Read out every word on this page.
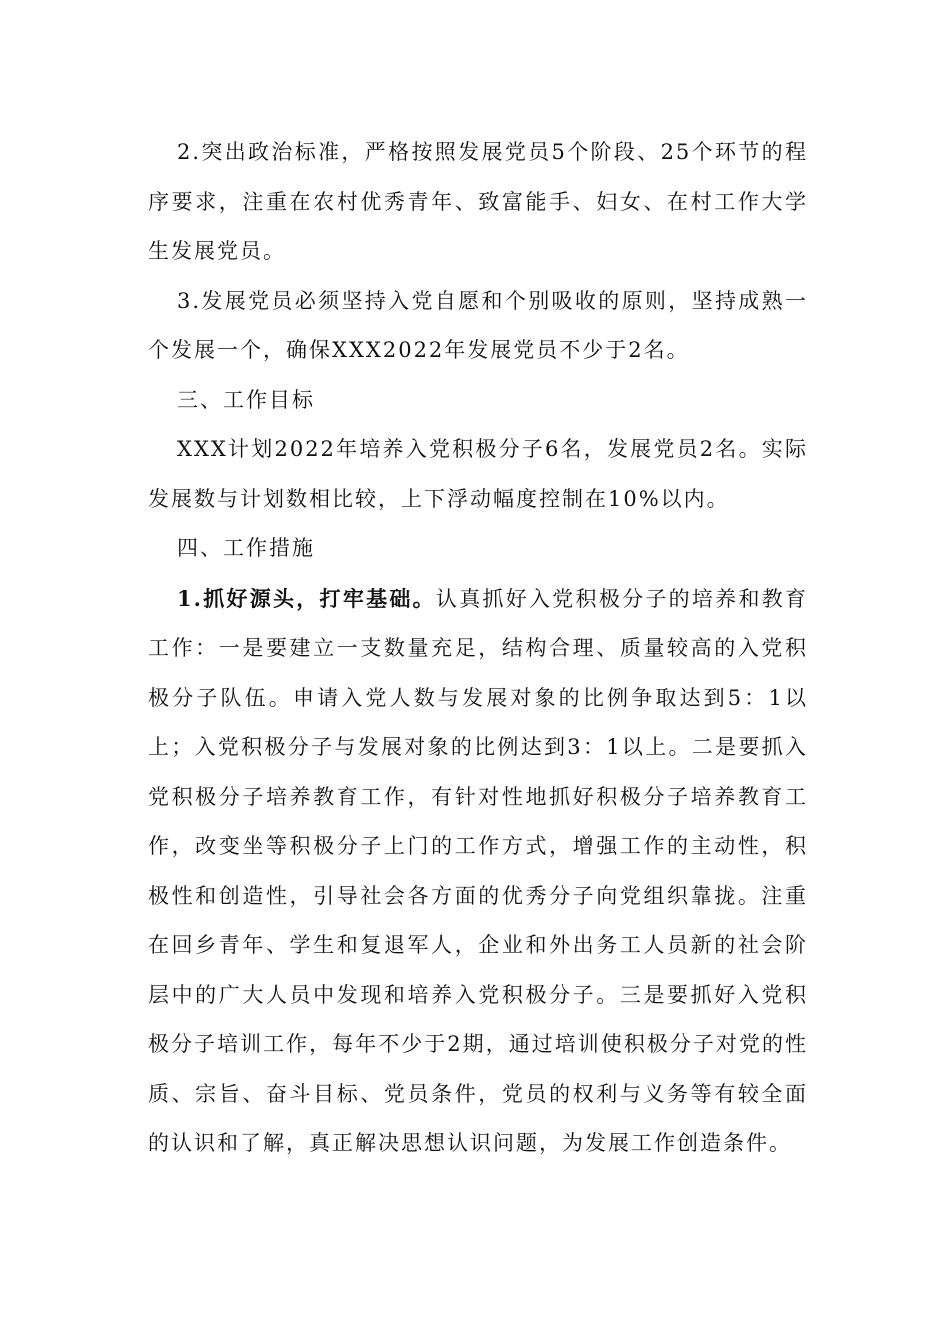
2.突出政治标准，严格按照发展党员5个阶段、25个环节的程序要求，注重在农村优秀青年、致富能手、妇女、在村工作大学生发展党员。

3.发展党员必须坚持入党自愿和个别吸收的原则，坚持成熟一个发展一个，确保XXX2022年发展党员不少于2名。

三、工作目标

XXX计划2022年培养入党积极分子6名，发展党员2名。实际发展数与计划数相比较，上下浮动幅度控制在10%以内。

四、工作措施

1.抓好源头，打牢基础。认真抓好入党积极分子的培养和教育工作：一是要建立一支数量充足，结构合理、质量较高的入党积极分子队伍。申请入党人数与发展对象的比例争取达到5：1以上；入党积极分子与发展对象的比例达到3：1以上。二是要抓入党积极分子培养教育工作，有针对性地抓好积极分子培养教育工作，改变坐等积极分子上门的工作方式，增强工作的主动性，积极性和创造性，引导社会各方面的优秀分子向党组织靠拢。注重在回乡青年、学生和复退军人，企业和外出务工人员新的社会阶层中的广大人员中发现和培养入党积极分子。三是要抓好入党积极分子培训工作，每年不少于2期，通过培训使积极分子对党的性质、宗旨、奋斗目标、党员条件，党员的权利与义务等有较全面的认识和了解，真正解决思想认识问题，为发展工作创造条件。
